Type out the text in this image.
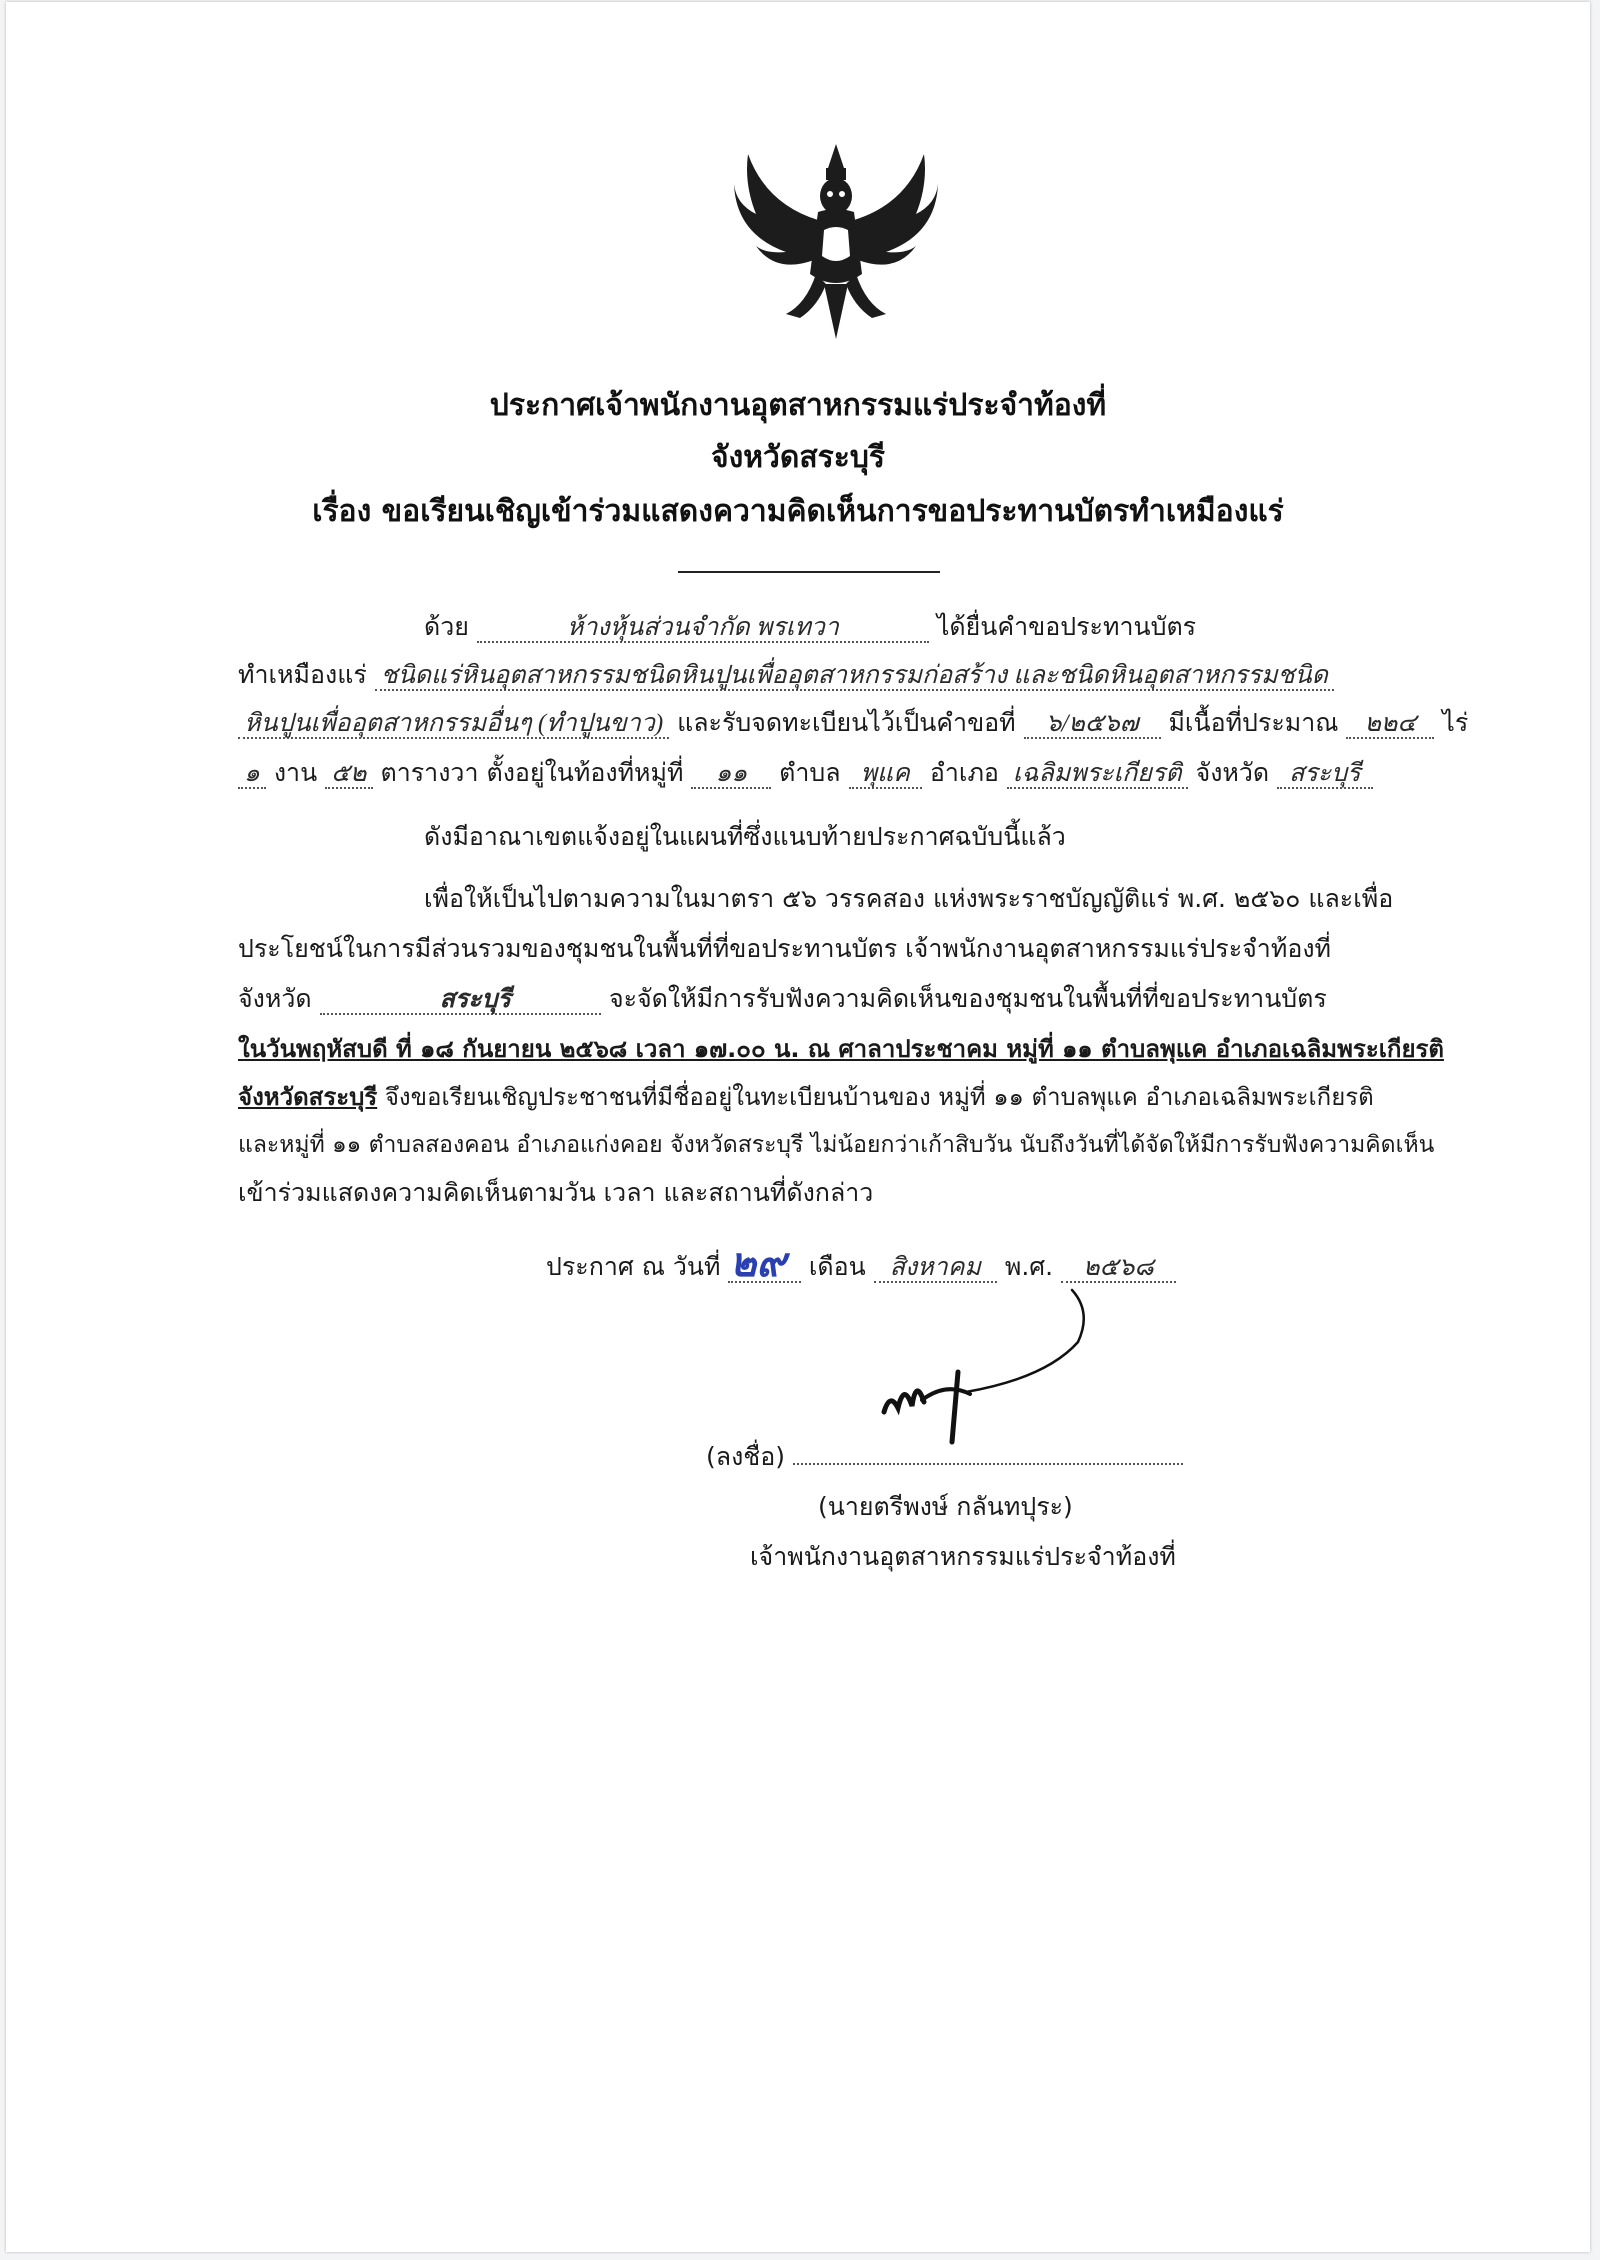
ประกาศเจ้าพนักงานอุตสาหกรรมแร่ประจำท้องที่
จังหวัดสระบุรี
เรื่อง ขอเรียนเชิญเข้าร่วมแสดงความคิดเห็นการขอประทานบัตรทำเหมืองแร่
ด้วย	ห้างหุ้นส่วนจำกัด พรเทวา	ได้ยื่นคำขอประทานบัตร
ทำเหมืองแร่ ชนิดแร่หินอุตสาหกรรมชนิดหินปูนเพื่ออุตสาหกรรมก่อสร้าง และชนิดหินอุตสาหกรรมชนิด
หินปูนเพื่ออุตสาหกรรมอื่นๆ (ทำปูนขาว) และรับจดทะเบียนไว้เป็นคำขอที่ ๖/๒๕๖๗ มีเนื้อที่ประมาณ ๒๒๔ ไร่
๑ งาน ๕๒ ตารางวา ตั้งอยู่ในท้องที่หมู่ที่ ๑๑ ตำบล พุแค อำเภอ เฉลิมพระเกียรติ จังหวัด สระบุรี
ดังมีอาณาเขตแจ้งอยู่ในแผนที่ซึ่งแนบท้ายประกาศฉบับนี้แล้ว
เพื่อให้เป็นไปตามความในมาตรา ๕๖ วรรคสอง แห่งพระราชบัญญัติแร่ พ.ศ. ๒๕๖๐ และเพื่อ
ประโยชน์ในการมีส่วนรวมของชุมชนในพื้นที่ที่ขอประทานบัตร เจ้าพนักงานอุตสาหกรรมแร่ประจำท้องที่
จังหวัด	สระบุรี	จะจัดให้มีการรับฟังความคิดเห็นของชุมชนในพื้นที่ที่ขอประทานบัตร
ในวันพฤหัสบดี ที่ ๑๘ กันยายน ๒๕๖๘ เวลา ๑๗.๐๐ น. ณ ศาลาประชาคม หมู่ที่ ๑๑ ตำบลพุแค อำเภอเฉลิมพระเกียรติ
จังหวัดสระบุรี จึงขอเรียนเชิญประชาชนที่มีชื่ออยู่ในทะเบียนบ้านของ หมู่ที่ ๑๑ ตำบลพุแค อำเภอเฉลิมพระเกียรติ
และหมู่ที่ ๑๑ ตำบลสองคอน อำเภอแก่งคอย จังหวัดสระบุรี ไม่น้อยกว่าเก้าสิบวัน นับถึงวันที่ได้จัดให้มีการรับฟังความคิดเห็น
เข้าร่วมแสดงความคิดเห็นตามวัน เวลา และสถานที่ดังกล่าว
ประกาศ ณ วันที่	เดือน สิงหาคม พ.ศ. ๒๕๖๘
๒๙
(ลงชื่อ)
(นายตรีพงษ์ กลันทปุระ)
เจ้าพนักงานอุตสาหกรรมแร่ประจำท้องที่
